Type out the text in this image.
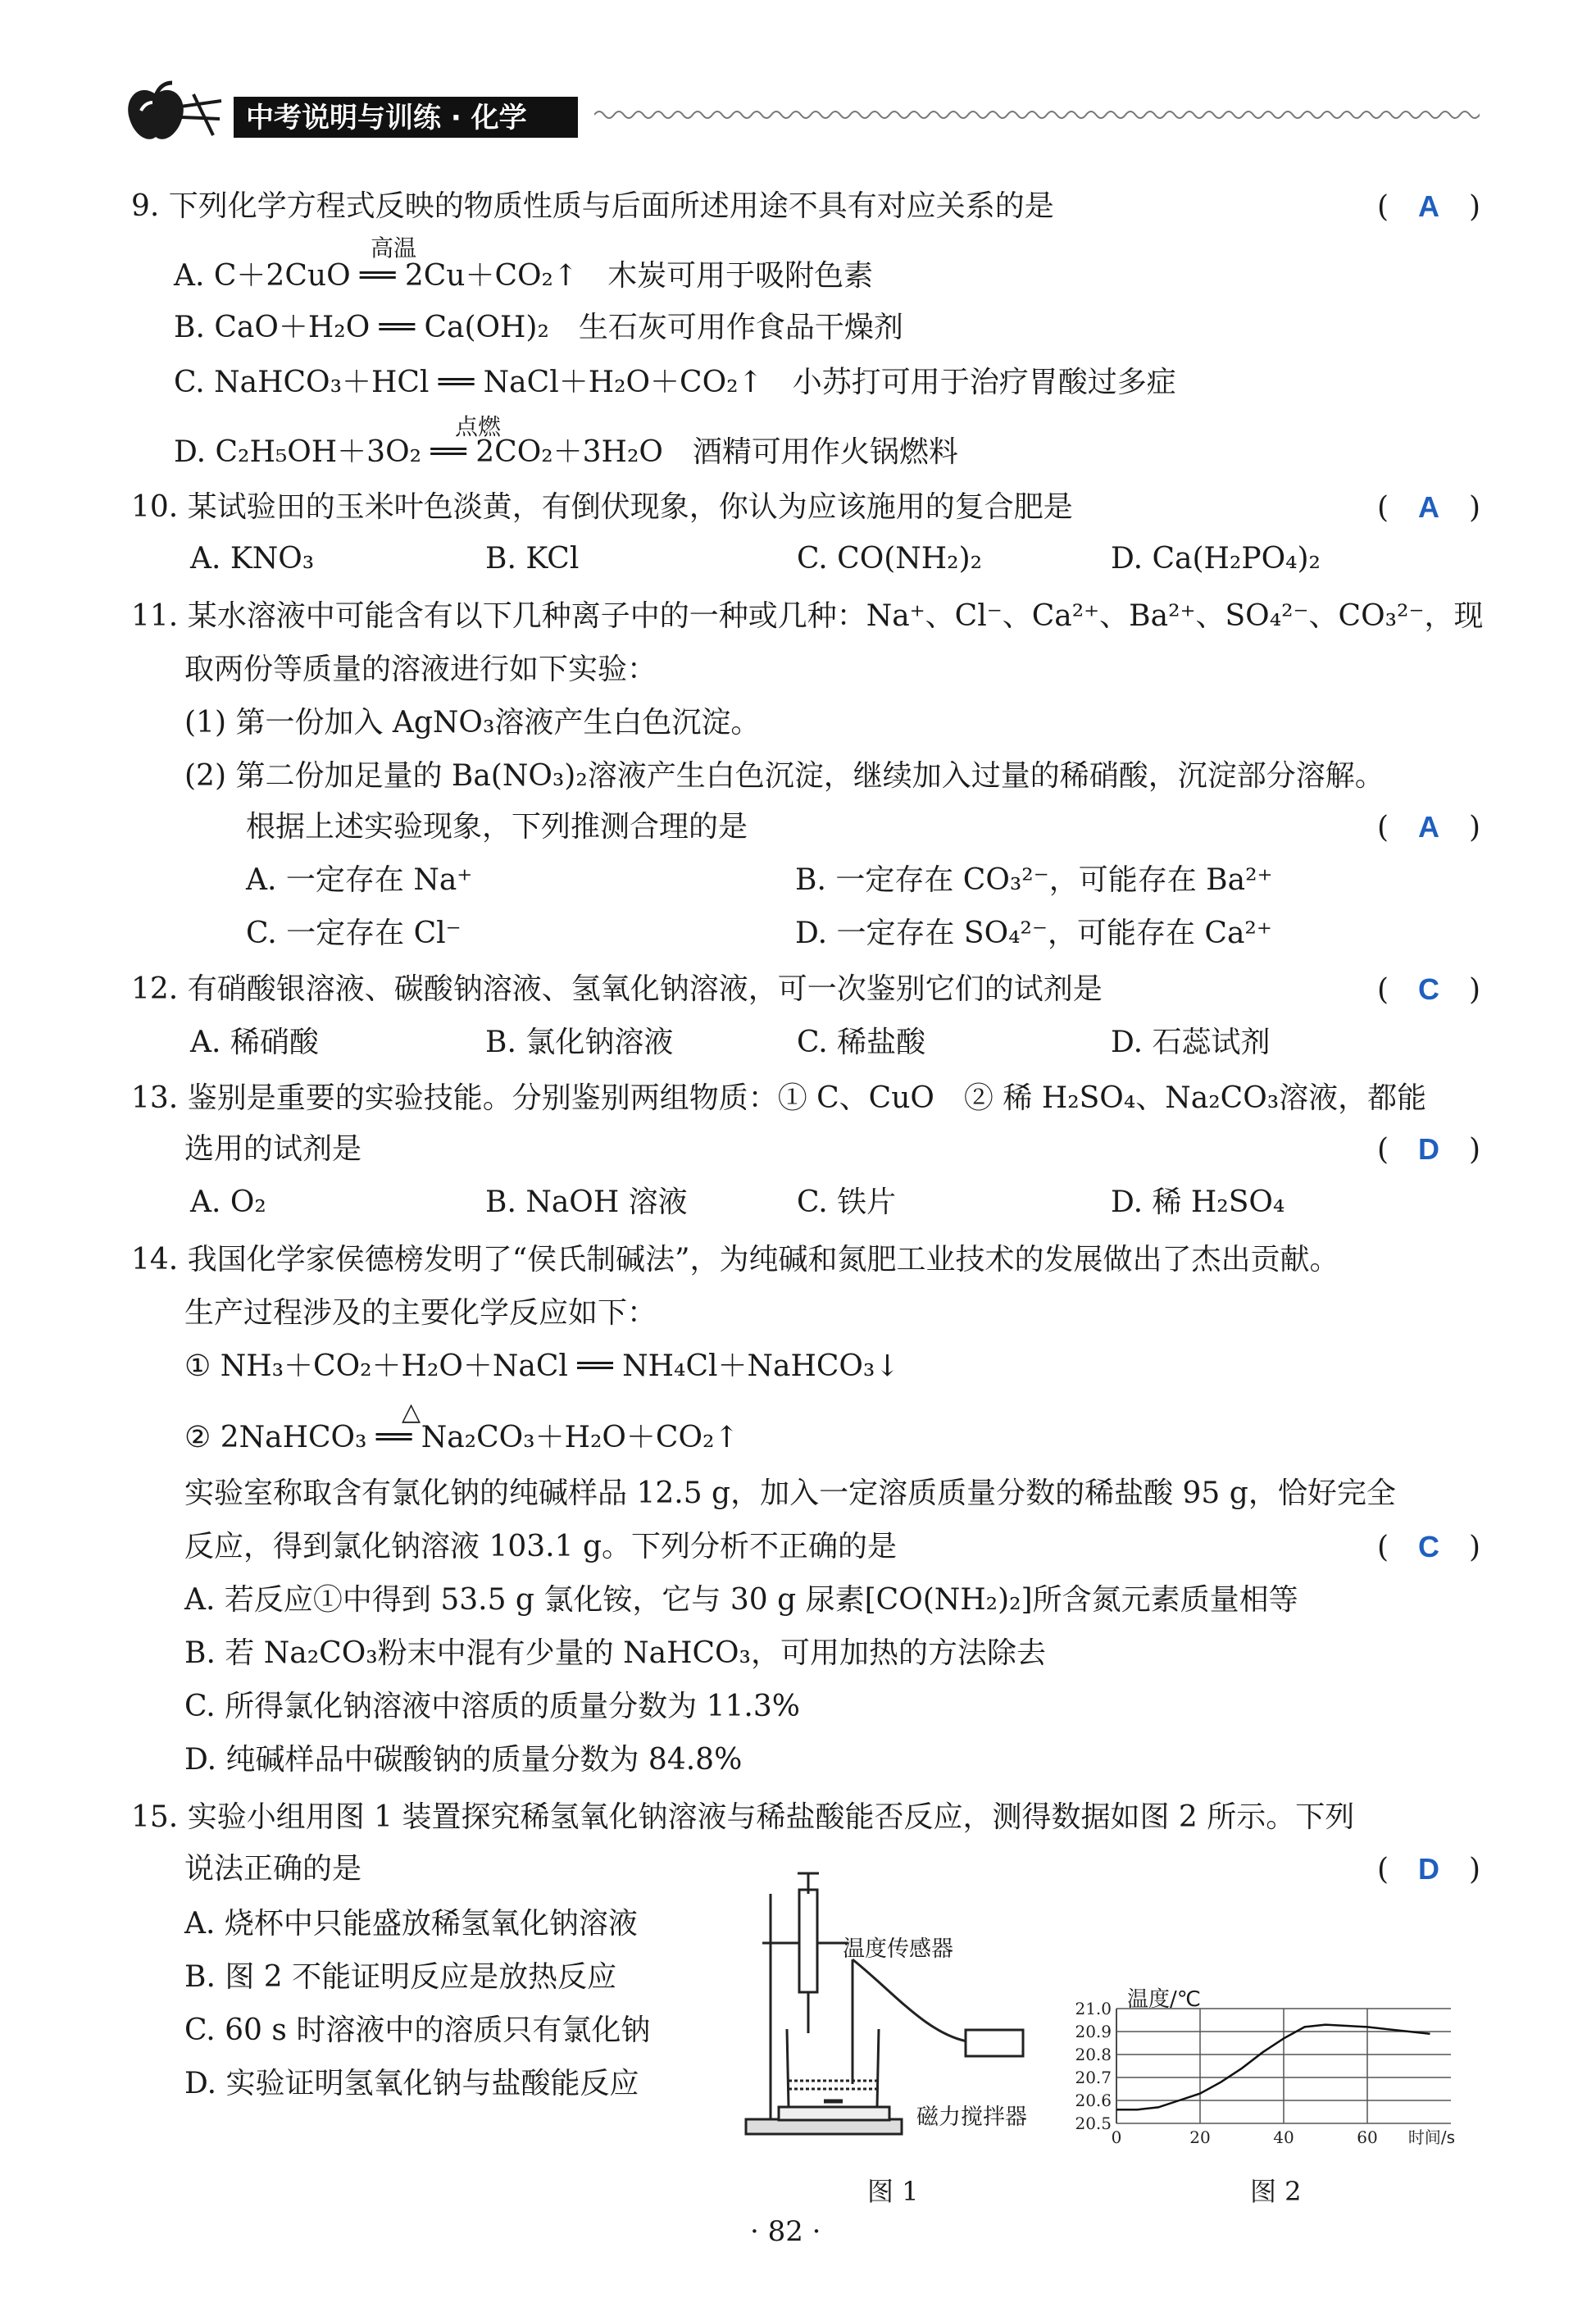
中考说明与训练 · 化学
9. 下列化学方程式反映的物质性质与后面所述用途不具有对应关系的是	(　A　)
高温
A. C＋2CuO ══ 2Cu＋CO₂↑　木炭可用于吸附色素
B. CaO＋H₂O ══ Ca(OH)₂　生石灰可用作食品干燥剂
C. NaHCO₃＋HCl ══ NaCl＋H₂O＋CO₂↑　小苏打可用于治疗胃酸过多症
点燃
D. C₂H₅OH＋3O₂ ══ 2CO₂＋3H₂O　酒精可用作火锅燃料
10. 某试验田的玉米叶色淡黄，有倒伏现象，你认为应该施用的复合肥是	(　A　)
A. KNO₃	B. KCl	C. CO(NH₂)₂	D. Ca(H₂PO₄)₂
11. 某水溶液中可能含有以下几种离子中的一种或几种：Na⁺、Cl⁻、Ca²⁺、Ba²⁺、SO₄²⁻、CO₃²⁻，现
取两份等质量的溶液进行如下实验：
(1) 第一份加入 AgNO₃溶液产生白色沉淀。
(2) 第二份加足量的 Ba(NO₃)₂溶液产生白色沉淀，继续加入过量的稀硝酸，沉淀部分溶解。
根据上述实验现象，下列推测合理的是	(　A　)
A. 一定存在 Na⁺	B. 一定存在 CO₃²⁻，可能存在 Ba²⁺
C. 一定存在 Cl⁻	D. 一定存在 SO₄²⁻，可能存在 Ca²⁺
12. 有硝酸银溶液、碳酸钠溶液、氢氧化钠溶液，可一次鉴别它们的试剂是	(　C　)
A. 稀硝酸	B. 氯化钠溶液	C. 稀盐酸	D. 石蕊试剂
13. 鉴别是重要的实验技能。分别鉴别两组物质：① C、CuO　② 稀 H₂SO₄、Na₂CO₃溶液，都能
选用的试剂是	(　D　)
A. O₂	B. NaOH 溶液	C. 铁片	D. 稀 H₂SO₄
14. 我国化学家侯德榜发明了“侯氏制碱法”，为纯碱和氮肥工业技术的发展做出了杰出贡献。
生产过程涉及的主要化学反应如下：
① NH₃＋CO₂＋H₂O＋NaCl ══ NH₄Cl＋NaHCO₃↓
△
② 2NaHCO₃ ══ Na₂CO₃＋H₂O＋CO₂↑
实验室称取含有氯化钠的纯碱样品 12.5 g，加入一定溶质质量分数的稀盐酸 95 g，恰好完全
反应，得到氯化钠溶液 103.1 g。下列分析不正确的是	(　C　)
A. 若反应①中得到 53.5 g 氯化铵，它与 30 g 尿素[CO(NH₂)₂]所含氮元素质量相等
B. 若 Na₂CO₃粉末中混有少量的 NaHCO₃，可用加热的方法除去
C. 所得氯化钠溶液中溶质的质量分数为 11.3%
D. 纯碱样品中碳酸钠的质量分数为 84.8%
15. 实验小组用图 1 装置探究稀氢氧化钠溶液与稀盐酸能否反应，测得数据如图 2 所示。下列
说法正确的是	(　D　)
A. 烧杯中只能盛放稀氢氧化钠溶液
B. 图 2 不能证明反应是放热反应
C. 60 s 时溶液中的溶质只有氯化钠
D. 实验证明氢氧化钠与盐酸能反应
温度传感器
磁力搅拌器
图 1
温度/℃
21.0
20.9
20.8
20.7
20.6
20.5
0	20	40	60 时间/s
图 2
· 82 ·
